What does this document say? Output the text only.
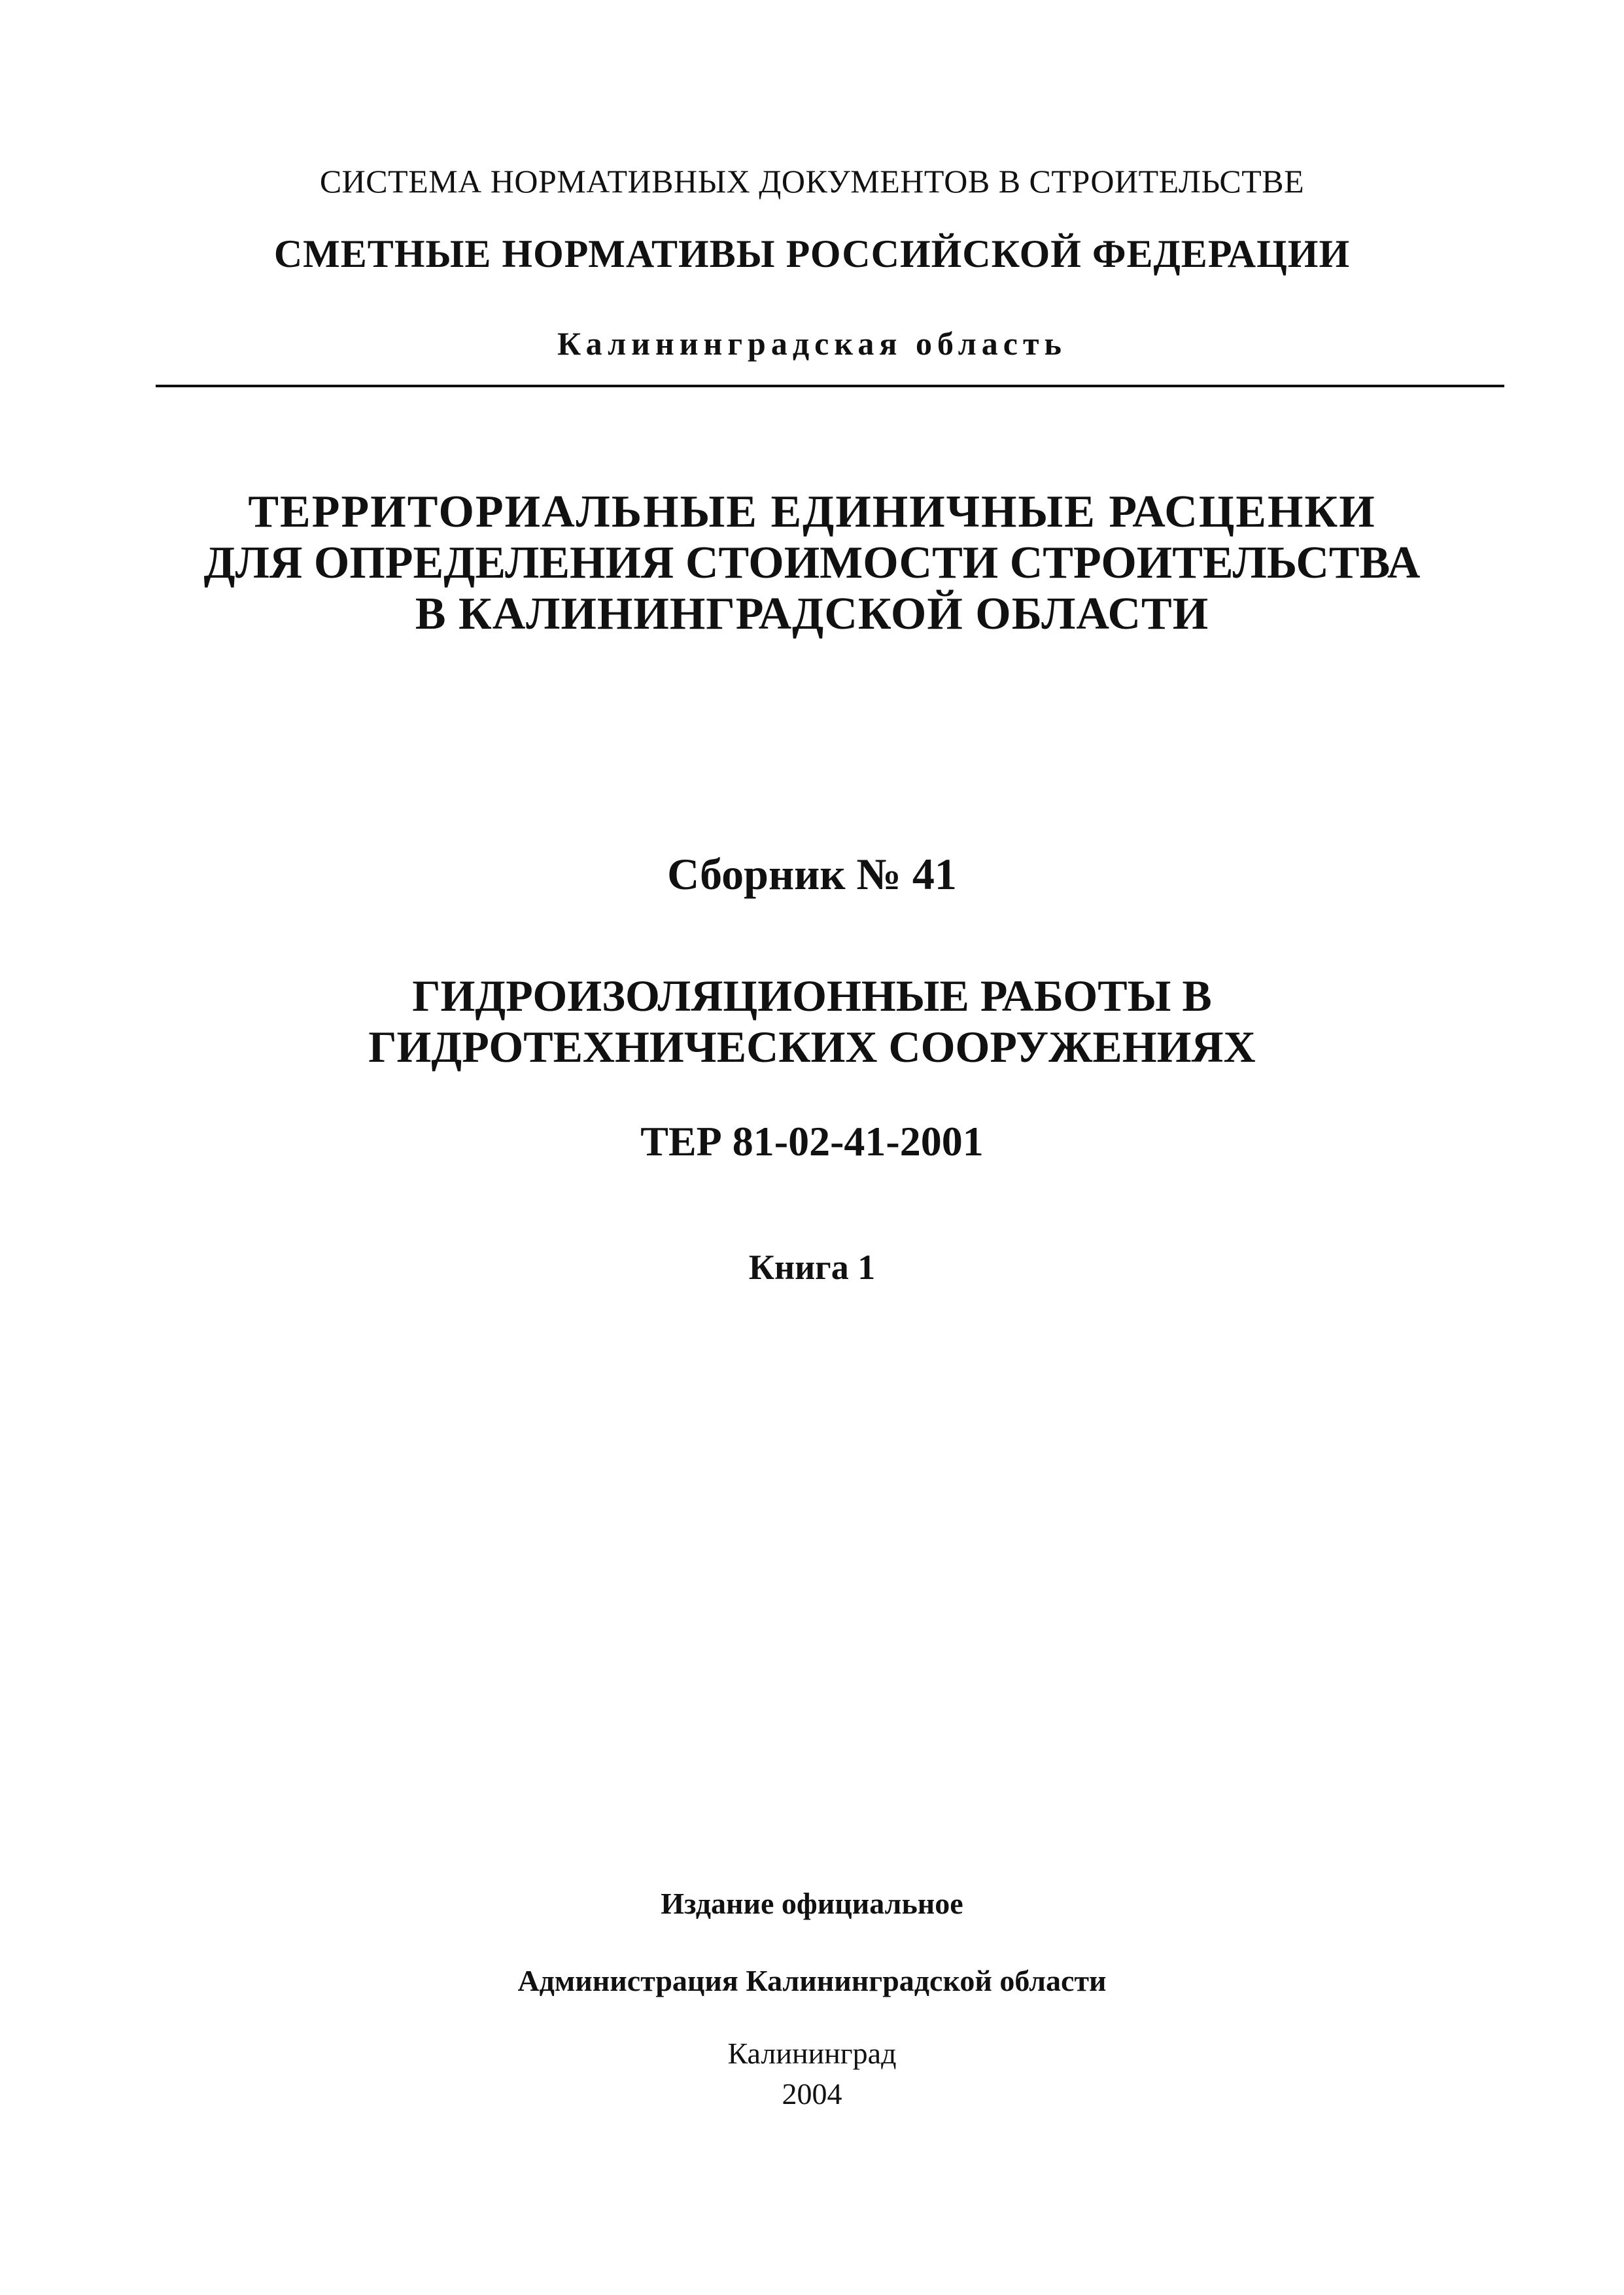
СИСТЕМА НОРМАТИВНЫХ ДОКУМЕНТОВ В СТРОИТЕЛЬСТВЕ
СМЕТНЫЕ НОРМАТИВЫ РОССИЙСКОЙ ФЕДЕРАЦИИ
Калининградская область
ТЕРРИТОРИАЛЬНЫЕ ЕДИНИЧНЫЕ РАСЦЕНКИ
ДЛЯ ОПРЕДЕЛЕНИЯ СТОИМОСТИ СТРОИТЕЛЬСТВА
В КАЛИНИНГРАДСКОЙ ОБЛАСТИ
Сборник № 41
ГИДРОИЗОЛЯЦИОННЫЕ РАБОТЫ В
ГИДРОТЕХНИЧЕСКИХ СООРУЖЕНИЯХ
ТЕР 81-02-41-2001
Книга 1
Издание официальное
Администрация Калининградской области
Калининград
2004
